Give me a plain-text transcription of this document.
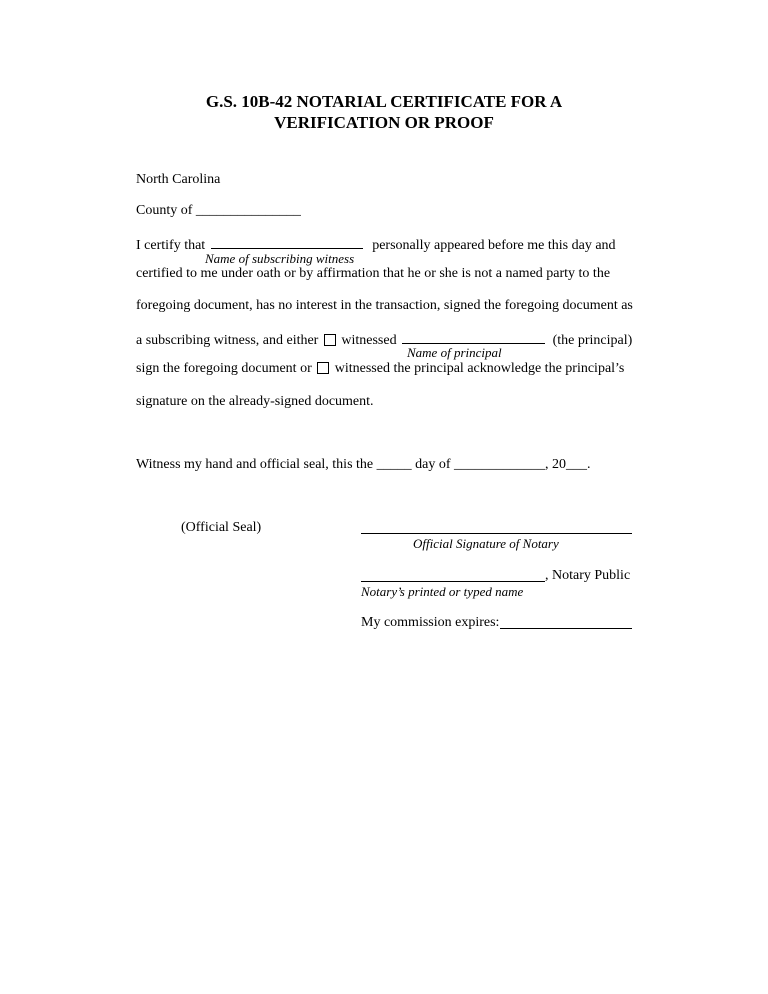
G.S. 10B-42 NOTARIAL CERTIFICATE FOR A
VERIFICATION OR PROOF
North Carolina
County of _______________
I certify that	personally appeared before me this day and
Name of subscribing witness
certified to me under oath or by affirmation that he or she is not a named party to the
foregoing document, has no interest in the transaction, signed the foregoing document as
a subscribing witness, and either witnessed	(the principal)
Name of principal
sign the foregoing document or witnessed the principal acknowledge the principal’s
signature on the already-signed document.
Witness my hand and official seal, this the _____ day of _____________, 20___.
(Official Seal)
Official Signature of Notary
, Notary Public
Notary’s printed or typed name
My commission expires:
